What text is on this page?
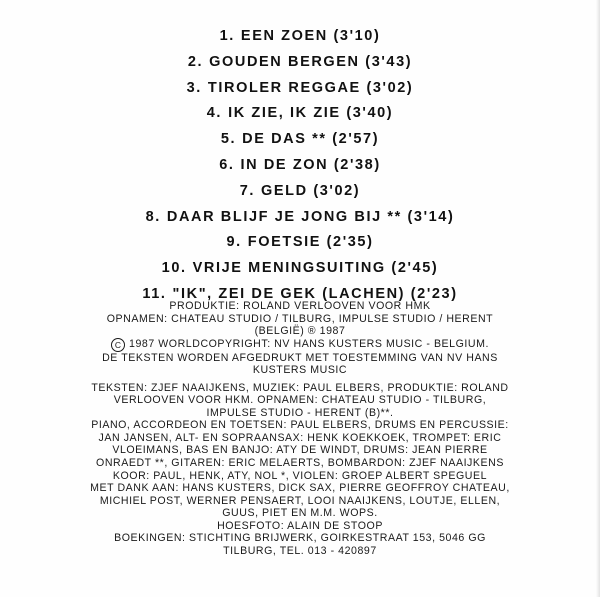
1. EEN ZOEN (3'10)
2. GOUDEN BERGEN (3'43)
3. TIROLER REGGAE (3'02)
4. IK ZIE, IK ZIE (3'40)
5. DE DAS ** (2'57)
6. IN DE ZON (2'38)
7. GELD (3'02)
8. DAAR BLIJF JE JONG BIJ ** (3'14)
9. FOETSIE (2'35)
10. VRIJE MENINGSUITING (2'45)
11. "IK", ZEI DE GEK (LACHEN) (2'23)
PRODUKTIE: ROLAND VERLOOVEN VOOR HMK
OPNAMEN: CHATEAU STUDIO / TILBURG, IMPULSE STUDIO / HERENT
(BELGIË) ® 1987
C 1987 WORLDCOPYRIGHT: NV HANS KUSTERS MUSIC - BELGIUM.
DE TEKSTEN WORDEN AFGEDRUKT MET TOESTEMMING VAN NV HANS
KUSTERS MUSIC
TEKSTEN: ZJEF NAAIJKENS, MUZIEK: PAUL ELBERS, PRODUKTIE: ROLAND
VERLOOVEN VOOR HKM. OPNAMEN: CHATEAU STUDIO - TILBURG,
IMPULSE STUDIO - HERENT (B)**.
PIANO, ACCORDEON EN TOETSEN: PAUL ELBERS, DRUMS EN PERCUSSIE:
JAN JANSEN, ALT- EN SOPRAANSAX: HENK KOEKKOEK, TROMPET: ERIC
VLOEIMANS, BAS EN BANJO: ATY DE WINDT, DRUMS: JEAN PIERRE
ONRAEDT **, GITAREN: ERIC MELAERTS, BOMBARDON: ZJEF NAAIJKENS
KOOR: PAUL, HENK, ATY, NOL *, VIOLEN: GROEP ALBERT SPEGUEL
MET DANK AAN: HANS KUSTERS, DICK SAX, PIERRE GEOFFROY CHATEAU,
MICHIEL POST, WERNER PENSAERT, LOOI NAAIJKENS, LOUTJE, ELLEN,
GUUS, PIET EN M.M. WOPS.
HOESFOTO: ALAIN DE STOOP
BOEKINGEN: STICHTING BRIJWERK, GOIRKESTRAAT 153, 5046 GG
TILBURG, TEL. 013 - 420897
